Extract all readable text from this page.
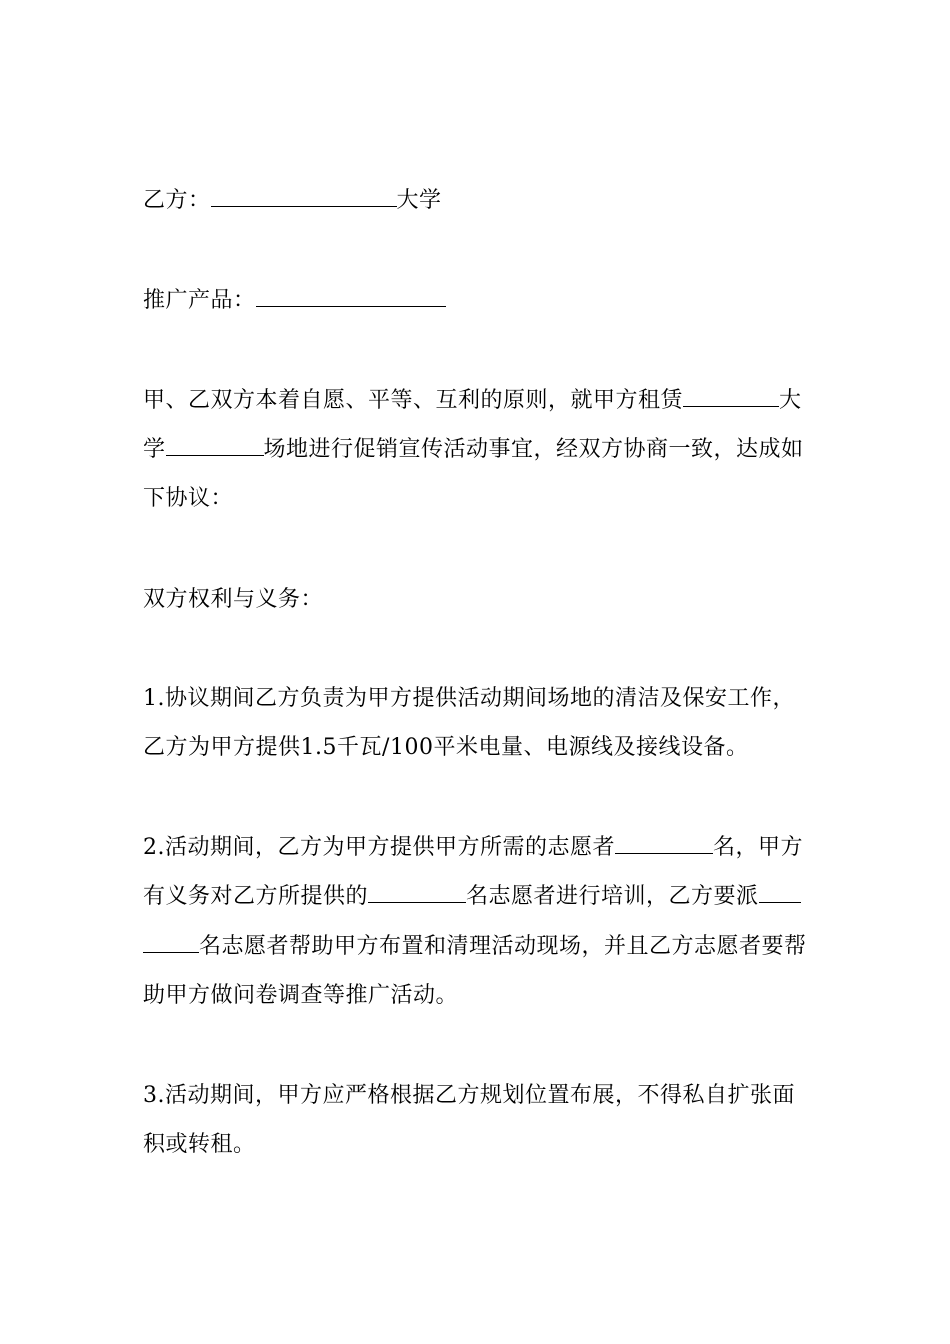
乙方：	大学
推广产品：
甲、乙双方本着自愿、平等、互利的原则，就甲方租赁	大
学	场地进行促销宣传活动事宜，经双方协商一致，达成如
下协议：
双方权利与义务：
1.协议期间乙方负责为甲方提供活动期间场地的清洁及保安工作，
乙方为甲方提供1.5千瓦/100平米电量、电源线及接线设备。
2.活动期间，乙方为甲方提供甲方所需的志愿者	名，甲方
有义务对乙方所提供的	名志愿者进行培训，乙方要派
名志愿者帮助甲方布置和清理活动现场，并且乙方志愿者要帮
助甲方做问卷调查等推广活动。
3.活动期间，甲方应严格根据乙方规划位置布展，不得私自扩张面
积或转租。
